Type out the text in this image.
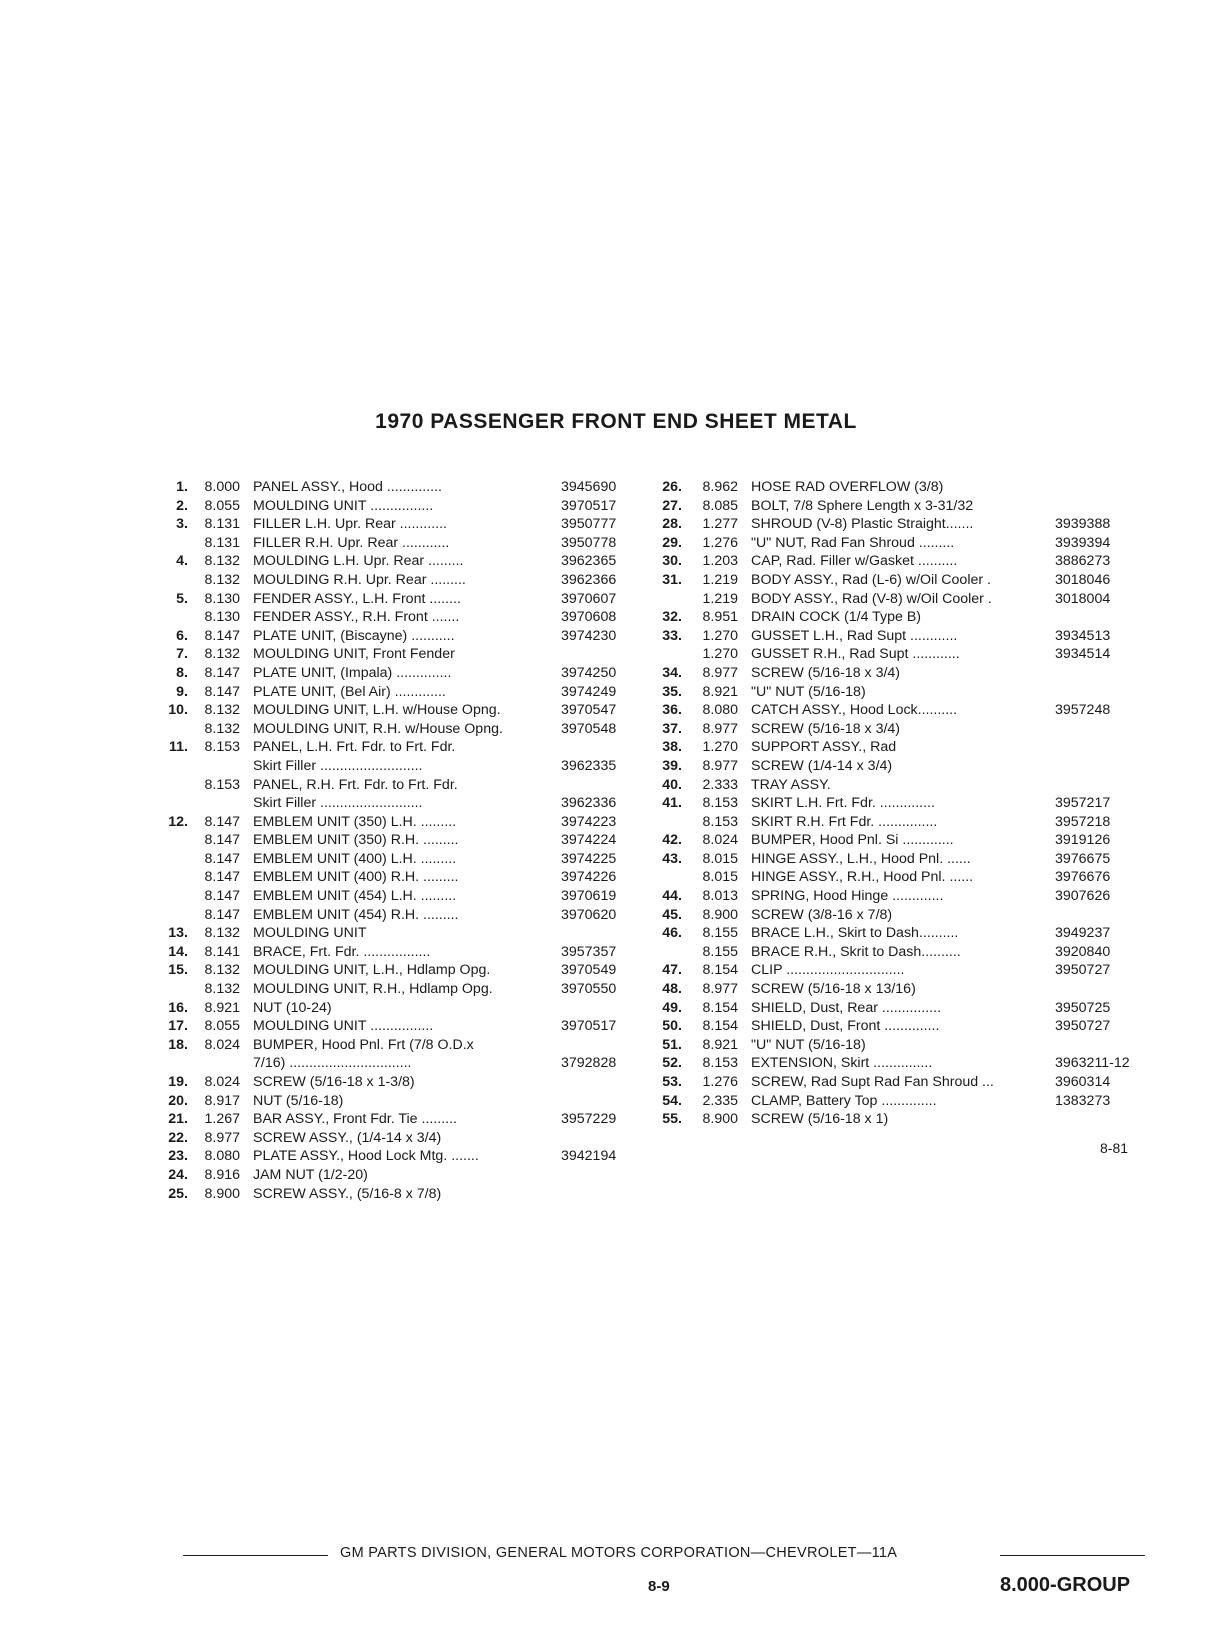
1970 PASSENGER FRONT END SHEET METAL
1.	8.000 PANEL ASSY., Hood ..............	3945690
2.	8.055 MOULDING UNIT ................	3970517
3.	8.131 FILLER L.H. Upr. Rear ............	3950777
8.131 FILLER R.H. Upr. Rear ............	3950778
4.	8.132 MOULDING L.H. Upr. Rear .........	3962365
8.132 MOULDING R.H. Upr. Rear .........	3962366
5.	8.130 FENDER ASSY., L.H. Front ........	3970607
8.130 FENDER ASSY., R.H. Front .......	3970608
6.	8.147 PLATE UNIT, (Biscayne) ...........	3974230
7.	8.132 MOULDING UNIT, Front Fender
8.	8.147 PLATE UNIT, (Impala) ..............	3974250
9.	8.147 PLATE UNIT, (Bel Air) .............	3974249
10.	8.132 MOULDING UNIT, L.H. w/House Opng.	3970547
8.132 MOULDING UNIT, R.H. w/House Opng.	3970548
11.	8.153 PANEL, L.H. Frt. Fdr. to Frt. Fdr.
Skirt Filler ..........................	3962335
8.153 PANEL, R.H. Frt. Fdr. to Frt. Fdr.
Skirt Filler ..........................	3962336
12.	8.147 EMBLEM UNIT (350) L.H. .........	3974223
8.147 EMBLEM UNIT (350) R.H. .........	3974224
8.147 EMBLEM UNIT (400) L.H. .........	3974225
8.147 EMBLEM UNIT (400) R.H. .........	3974226
8.147 EMBLEM UNIT (454) L.H. .........	3970619
8.147 EMBLEM UNIT (454) R.H. .........	3970620
13.	8.132 MOULDING UNIT
14.	8.141 BRACE, Frt. Fdr. .................	3957357
15.	8.132 MOULDING UNIT, L.H., Hdlamp Opg.	3970549
8.132 MOULDING UNIT, R.H., Hdlamp Opg.	3970550
16.	8.921 NUT (10-24)
17.	8.055 MOULDING UNIT ................	3970517
18.	8.024 BUMPER, Hood Pnl. Frt (7/8 O.D.x
7/16) ...............................	3792828
19.	8.024 SCREW (5/16-18 x 1-3/8)
20.	8.917 NUT (5/16-18)
21.	1.267 BAR ASSY., Front Fdr. Tie .........	3957229
22.	8.977 SCREW ASSY., (1/4-14 x 3/4)
23.	8.080 PLATE ASSY., Hood Lock Mtg. .......	3942194
24.	8.916 JAM NUT (1/2-20)
25.	8.900 SCREW ASSY., (5/16-8 x 7/8)
26.	8.962 HOSE RAD OVERFLOW (3/8)
27.	8.085 BOLT, 7/8 Sphere Length x 3-31/32
28.	1.277 SHROUD (V-8) Plastic Straight.......	3939388
29.	1.276 "U" NUT, Rad Fan Shroud .........	3939394
30.	1.203 CAP, Rad. Filler w/Gasket ..........	3886273
31.	1.219 BODY ASSY., Rad (L-6) w/Oil Cooler .	3018046
1.219 BODY ASSY., Rad (V-8) w/Oil Cooler .	3018004
32.	8.951 DRAIN COCK (1/4 Type B)
33.	1.270 GUSSET L.H., Rad Supt ............	3934513
1.270 GUSSET R.H., Rad Supt ............	3934514
34.	8.977 SCREW (5/16-18 x 3/4)
35.	8.921 "U" NUT (5/16-18)
36.	8.080 CATCH ASSY., Hood Lock..........	3957248
37.	8.977 SCREW (5/16-18 x 3/4)
38.	1.270 SUPPORT ASSY., Rad
39.	8.977 SCREW (1/4-14 x 3/4)
40.	2.333 TRAY ASSY.
41.	8.153 SKIRT L.H. Frt. Fdr. ..............	3957217
8.153 SKIRT R.H. Frt Fdr. ...............	3957218
42.	8.024 BUMPER, Hood Pnl. Si .............	3919126
43.	8.015 HINGE ASSY., L.H., Hood Pnl. ......	3976675
8.015 HINGE ASSY., R.H., Hood Pnl. ......	3976676
44.	8.013 SPRING, Hood Hinge .............	3907626
45.	8.900 SCREW (3/8-16 x 7/8)
46.	8.155 BRACE L.H., Skirt to Dash..........	3949237
8.155 BRACE R.H., Skrit to Dash..........	3920840
47.	8.154 CLIP ..............................	3950727
48.	8.977 SCREW (5/16-18 x 13/16)
49.	8.154 SHIELD, Dust, Rear ...............	3950725
50.	8.154 SHIELD, Dust, Front ..............	3950727
51.	8.921 "U" NUT (5/16-18)
52.	8.153 EXTENSION, Skirt ...............	3963211-12
53.	1.276 SCREW, Rad Supt Rad Fan Shroud ...	3960314
54.	2.335 CLAMP, Battery Top ..............	1383273
55.	8.900 SCREW (5/16-18 x 1)
8-81
GM PARTS DIVISION, GENERAL MOTORS CORPORATION—CHEVROLET—11A
8-9	8.000-GROUP
